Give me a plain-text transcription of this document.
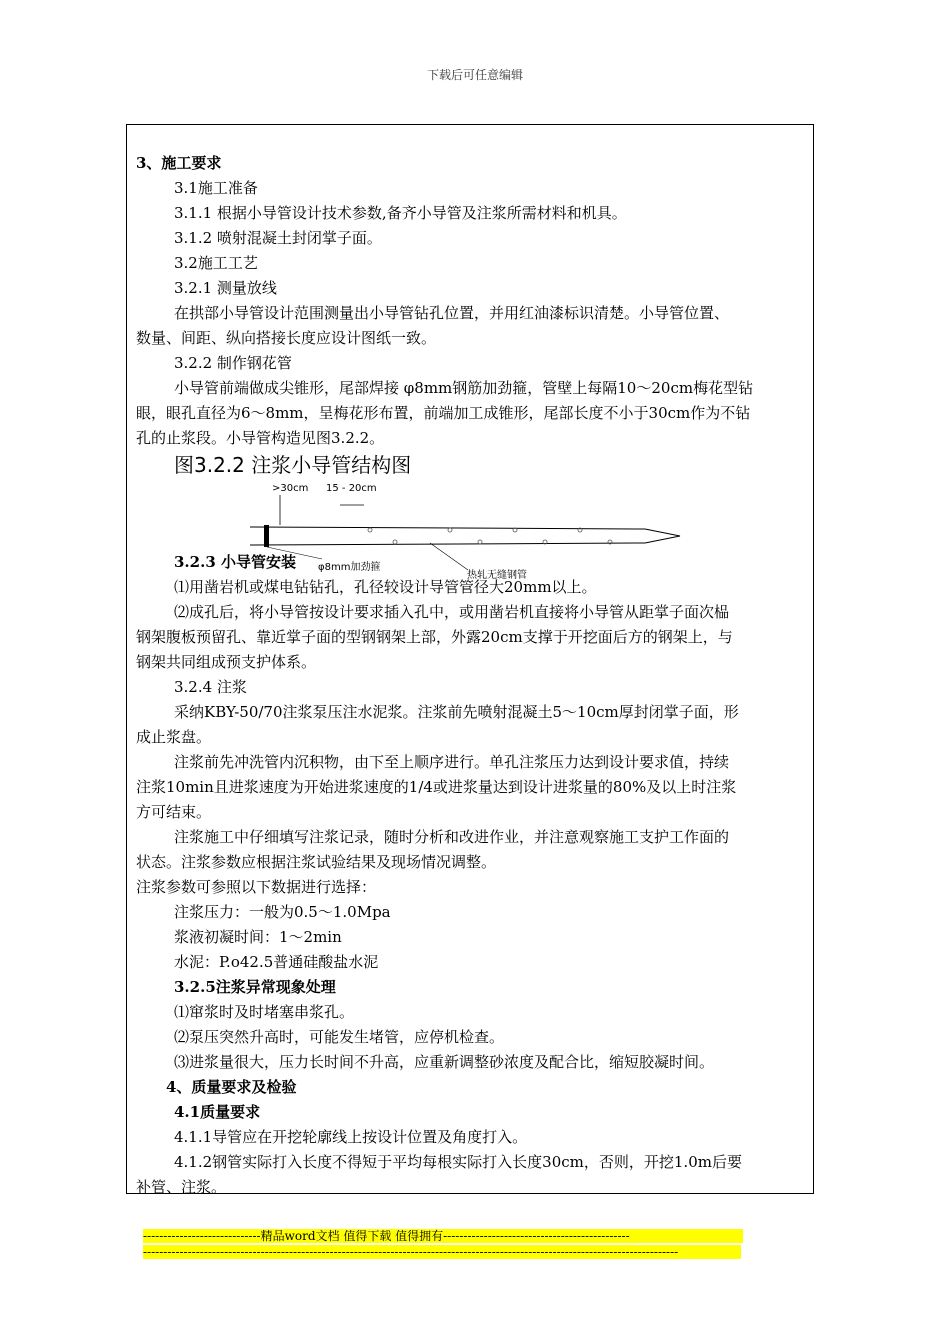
下载后可任意编辑
3、施工要求
3.1施工准备
3.1.1 根据小导管设计技术参数,备齐小导管及注浆所需材料和机具。
3.1.2 喷射混凝土封闭掌子面。
3.2施工工艺
3.2.1 测量放线
在拱部小导管设计范围测量出小导管钻孔位置，并用红油漆标识清楚。小导管位置、
数量、间距、纵向搭接长度应设计图纸一致。
3.2.2 制作钢花管
小导管前端做成尖锥形，尾部焊接 φ8mm钢筋加劲箍，管壁上每隔10～20cm梅花型钻
眼，眼孔直径为6～8mm，呈梅花形布置，前端加工成锥形，尾部长度不小于30cm作为不钻
孔的止浆段。小导管构造见图3.2.2。
3.2.3 小导管安装
⑴用凿岩机或煤电钻钻孔，孔径较设计导管管径大20mm以上。
⑵成孔后，将小导管按设计要求插入孔中，或用凿岩机直接将小导管从距掌子面次榀
钢架腹板预留孔、靠近掌子面的型钢钢架上部，外露20cm支撑于开挖面后方的钢架上，与
钢架共同组成预支护体系。
3.2.4 注浆
采纳KBY-50/70注浆泵压注水泥浆。注浆前先喷射混凝土5～10cm厚封闭掌子面，形
成止浆盘。
注浆前先冲洗管内沉积物，由下至上顺序进行。单孔注浆压力达到设计要求值，持续
注浆10min且进浆速度为开始进浆速度的1/4或进浆量达到设计进浆量的80%及以上时注浆
方可结束。
注浆施工中仔细填写注浆记录，随时分析和改进作业，并注意观察施工支护工作面的
状态。注浆参数应根据注浆试验结果及现场情况调整。
注浆参数可参照以下数据进行选择：
注浆压力：一般为0.5～1.0Mpa
浆液初凝时间：1～2min
水泥：P.o42.5普通硅酸盐水泥
3.2.5注浆异常现象处理
⑴窜浆时及时堵塞串浆孔。
⑵泵压突然升高时，可能发生堵管，应停机检查。
⑶进浆量很大，压力长时间不升高，应重新调整砂浓度及配合比，缩短胶凝时间。
4、质量要求及检验
4.1质量要求
4.1.1导管应在开挖轮廓线上按设计位置及角度打入。
4.1.2钢管实际打入长度不得短于平均每根实际打入长度30cm，否则，开挖1.0m后要
补管、注浆。
图3.2.2 注浆小导管结构图
>30cm 15 - 20cm
φ8mm加劲箍
热轧无缝钢管
-----------------------------精品word文档 值得下载 值得拥有----------------------------------------------
------------------------------------------------------------------------------------------------------------------------------------
